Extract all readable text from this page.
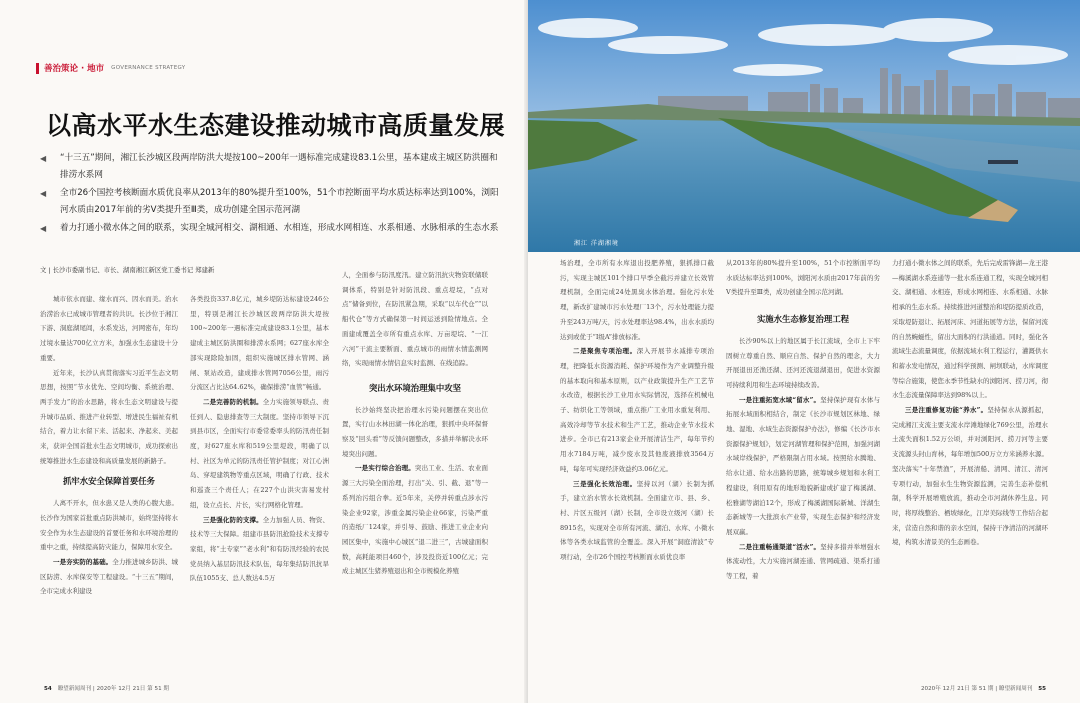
善治策论 · 地市 GOVERNANCE STRATEGY
以高水平水生态建设推动城市高质量发展
◀ “十三五”期间，湘江长沙城区段两岸防洪大堤按100~200年一遇标准完成建设83.1公里，基本建成主城区防洪圈和排涝水系网
◀ 全市26个国控考核断面水质优良率从2013年的80%提升至100%，51个市控断面平均水质达标率达到100%，浏阳河水质由2017年前的劣Ⅴ类提升至Ⅲ类，成功创建全国示范河湖
◀ 着力打通小微水体之间的联系，实现全城河相交、湖相通、水相连，形成水网相连、水系相通、水脉相承的生态水系
文 | 长沙市委副书记、市长、湖南湘江新区党工委书记 郑建新

城市依水而建、缘水而兴、因水而美。治水治涝治水已成城市管理者的共识。长沙位于湘江下游、洞庭湖尾闾，水系发达，河网密布，年均过境水量达700亿立方米，加强水生态建设十分重要。

近年来，长沙认真贯彻落实习近平生态文明思想，按照“节水优先、空间均衡、系统治理、两手发力”的治水思路，将水生态文明建设与提升城市品质、推进产业转型、增进民生福祉有机结合，着力让水留下来、活起来、净起来、美起来，获评全国首批水生态文明城市，成功探索出统筹推进水生态建设和高质量发展的新路子。

抓牢水安全保障首要任务

人离不开水，但水患又是人类的心腹大患。长沙作为国家首批重点防洪城市，始终坚持将水安全作为水生态建设的首要任务和水环境治理的重中之重，持续提高防灾能力，保障用水安全。

一是夯实防的基础。全力推进城乡防洪、城区防涝、水库保安等工程建设。“十三五”期间，全市完成水利建设

各类投资337.8亿元，城乡堤防达标建设246公里，特别是湘江长沙城区段两岸防洪大堤按100~200年一遇标准完成建设83.1公里，基本建成主城区防洪圈和排涝水系网；627座水库全部实现除险加固，组织实施城区排水管网、涵闸、泵站改造，建成排水管网7056公里，雨污分流区占比达64.62%，确保排涝“血管”畅通。

二是完善防的机制。全力实施领导联点、责任到人、隐患排查等三大制度。坚持市领导下沉到县市区，全面实行市委常委率头的防汛责任制度，对627座水库和519公里堤段，明确了以村、社区为单元的防汛责任管护制度；对江心洲岛、穿堤建筑物等重点区域，明确了行政、技术和巡查三个责任人；在227个山洪灾害易发村组，设立点长、片长，实行网格化管理。

三是强化防的支撑。全力加强人员、物资、技术等三大保障。组建市县防汛抢险技术支撑专家组，将“土专家”“老水利”和有防汛经验的农民党员纳入基层防汛技术队伍，每年集结防汛抗旱队伍1055支、总人数达4.5万

人，全面参与防汛度汛。建立防汛抗灾物资联储联调体系，特别是针对防汛段、重点堤垸，“点对点”储备到位，在防汛紧急期，采取“以车代仓”“以船代仓”等方式确保第一时间运送到险情地点。全面建成覆盖全市所有重点水库、万亩堤垸、“一江六河”干流主要断面、重点城市的雨情水情监测网络，实现雨情水情信息实时监测、在线追踪。

突出水环境治理集中攻坚

长沙始终坚决把治理水污染问题摆在突出位置，实行山水林田湖一体化治理，狠抓中央环保督察及“回头看”等反馈问题整改，多措并举解决水环境突出问题。

一是实行综合治理。突出工业、生活、农业面源三大污染全面治理，打出“关、引、截、退”等一系列治污组合拳。近5年来，关停并转重点涉水污染企业92家，涉重金属污染企业66家，污染严重的造纸厂124家，并引导、鼓励、推进工业企业向园区集中，实施中心城区“退二进三”，古城建面积数，高耗能项目460个，涉及投资近100亿元；完成主城区生猪养殖退出和全市规模化养殖

54 瞭望新闻周刊 | 2020年 12月 21日 第 51 期
湘江 洋湖湘境

场治理，全市所有水库退出投肥养殖，狠抓排口截污，实现主城区101个排口早季全截污并建立长效管理机制，全面完成24处黑臭水体治理。强化污水处理，新改扩建城市污水处理厂13个，污水处理能力提升至243万吨/天，污水处理率达98.4%，出水水质均达到或优于“Ⅰ级A”排放标准。

二是聚焦专项治理。深入开展节水减排专项治理，把降低水资源消耗、保护环境作为产业调整升级的基本取向和基本原则，以产业政策提升生产工艺节水改造，根据长沙工业用水实际情况，选择在机械电子、纺织化工等领域，重点推广工业用水重复利用、高效冷却等节水技术和生产工艺，推动企业节水技术进步。全市已有213家企业开展清洁生产，每年节约用水7184万吨，减少废水及其他废液排放3564万吨，每年可实现经济效益约3.06亿元。

三是强化长效治理。坚持以河（湖）长制为抓手，建立治水管水长效机制。全面建立市、县、乡、村、片区五级河（湖）长制，全市设立级河（湖）长8915名，实现对全市所有河流、湖泊、水库、小微水体等各类水域监管的全覆盖。深入开展“洞庭清波”专项行动，全市26个国控考核断面水质优良率

从2013年的80%提升至100%，51个市控断面平均水质达标率达到100%，浏阳河水质由2017年前的劣Ⅴ类提升至Ⅲ类，成功创建全国示范河湖。

实施水生态修复治理工程

长沙90%以上的地区属于长江流域，全市上下牢固树立尊重自然、顺应自然、保护自然的理念，大力开展退田还渔还湖、还河还流退湖退田，促进水资源可持续利用和生态环境持续改善。

一是注重拓宽水域“留水”。坚持保护现有水体与拓展水域面积相结合，制定《长沙市规划区林地、绿地、湿地、水域生态资源保护办法》，修编《长沙市水资源保护规划》，划定河湖管理和保护范围，加强河湖水域岸线保护，严格限制占用水域。按照给水腾地、给水让道、给水出路的思路，统筹城乡规划和水利工程建设，利用原有的地形地貌新建或扩建了梅溪湖、松雅湖等湖泊12个，形成了梅溪湖国际新城、洋湖生态新城等一大批滨水产业带，实现生态保护和经济发展双赢。

二是注重畅通渠道“活水”。坚持多措并举增强水体流动性，大力实施河湖连通、管网疏通、渠系打通等工程，着

力打通小微水体之间的联系，先后完成雷锋湖—龙王港—梅溪湖水系连通等一批水系连通工程，实现全城河相交、湖相通、水相连，形成水网相连、水系相通、水脉相承的生态水系。持续推进河道整治和堤防提质改造，采取堤防退让、拓展河床、河道拓展等方法，保留河流的自然蜿蜒性，留出大面积的行洪通道。同时，强化各流域生态流量调度，依据流域水利工程运行，灌溉供水和蓄水发电情况，通过科学预测、闸坝联动，水库调度等综合施策，使您永季节性缺水的浏阳河、捞刀河，彻水生态流量保障率达到98%以上。

三是注重修复功能“养水”。坚持保水从源抓起，完成湘江支流主要支流水岸滩地绿化769公里，治理水土流失面积1.52万公顷，并对浏阳河、捞刀河等主要支流源头封山育林，每年增加500万立方米涵养水源。坚决落实“十年禁渔”，开展清船、清网、清江、清河专项行动，加强水生生物资源监测，完善生态补偿机制，科学开展增殖放流，推动全市河湖休养生息。同时，将厚线整治、栖坡绿化，江岸美际线等工作结合起来，营造自然和谐的亲水空间，保持干净清洁的河湖环境，构筑水清景美的生态画卷。

2020年 12月 21日 第 51 期 | 瞭望新闻周刊 55
